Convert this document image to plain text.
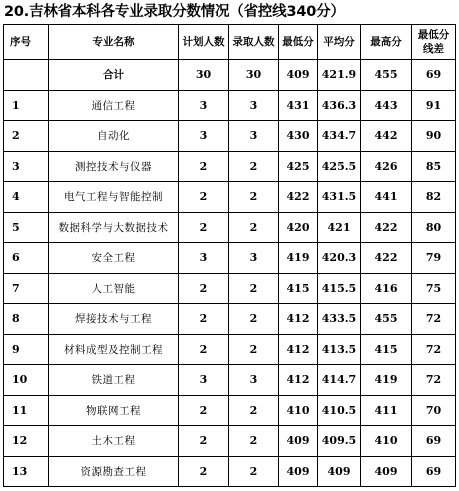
20.吉林省本科各专业录取分数情况（省控线340分）
序号	专业名称	计划人数	录取人数	最低分	平均分	最高分	最低分线差
	合计	30	30	409	421.9	455	69
1	通信工程	3	3	431	436.3	443	91
2	自动化	3	3	430	434.7	442	90
3	测控技术与仪器	2	2	425	425.5	426	85
4	电气工程与智能控制	2	2	422	431.5	441	82
5	数据科学与大数据技术	2	2	420	421	422	80
6	安全工程	3	3	419	420.3	422	79
7	人工智能	2	2	415	415.5	416	75
8	焊接技术与工程	2	2	412	433.5	455	72
9	材料成型及控制工程	2	2	412	413.5	415	72
10	铁道工程	3	3	412	414.7	419	72
11	物联网工程	2	2	410	410.5	411	70
12	土木工程	2	2	409	409.5	410	69
13	资源勘查工程	2	2	409	409	409	69
